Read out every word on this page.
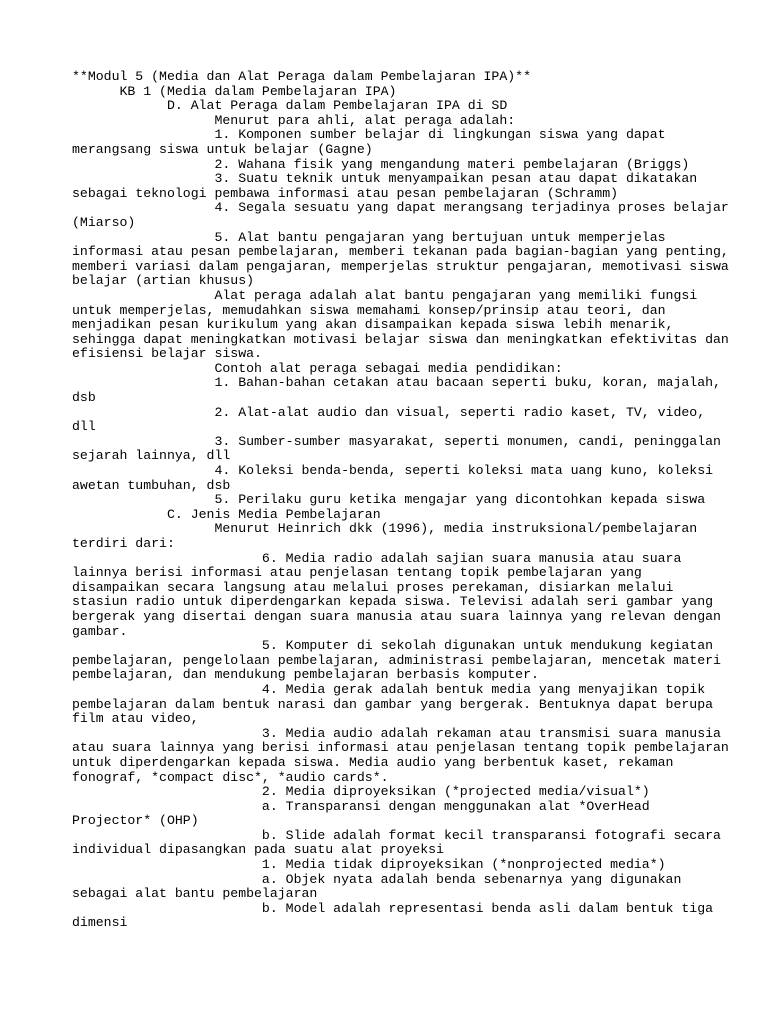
**Modul 5 (Media dan Alat Peraga dalam Pembelajaran IPA)**
KB 1 (Media dalam Pembelajaran IPA)
D. Alat Peraga dalam Pembelajaran IPA di SD
Menurut para ahli, alat peraga adalah:
1. Komponen sumber belajar di lingkungan siswa yang dapat
merangsang siswa untuk belajar (Gagne)
2. Wahana fisik yang mengandung materi pembelajaran (Briggs)
3. Suatu teknik untuk menyampaikan pesan atau dapat dikatakan
sebagai teknologi pembawa informasi atau pesan pembelajaran (Schramm)
4. Segala sesuatu yang dapat merangsang terjadinya proses belajar
(Miarso)
5. Alat bantu pengajaran yang bertujuan untuk memperjelas
informasi atau pesan pembelajaran, memberi tekanan pada bagian-bagian yang penting,
memberi variasi dalam pengajaran, memperjelas struktur pengajaran, memotivasi siswa
belajar (artian khusus)
Alat peraga adalah alat bantu pengajaran yang memiliki fungsi
untuk memperjelas, memudahkan siswa memahami konsep/prinsip atau teori, dan
menjadikan pesan kurikulum yang akan disampaikan kepada siswa lebih menarik,
sehingga dapat meningkatkan motivasi belajar siswa dan meningkatkan efektivitas dan
efisiensi belajar siswa.
Contoh alat peraga sebagai media pendidikan:
1. Bahan-bahan cetakan atau bacaan seperti buku, koran, majalah,
dsb
2. Alat-alat audio dan visual, seperti radio kaset, TV, video,
dll
3. Sumber-sumber masyarakat, seperti monumen, candi, peninggalan
sejarah lainnya, dll
4. Koleksi benda-benda, seperti koleksi mata uang kuno, koleksi
awetan tumbuhan, dsb
5. Perilaku guru ketika mengajar yang dicontohkan kepada siswa
C. Jenis Media Pembelajaran
Menurut Heinrich dkk (1996), media instruksional/pembelajaran
terdiri dari:
6. Media radio adalah sajian suara manusia atau suara
lainnya berisi informasi atau penjelasan tentang topik pembelajaran yang
disampaikan secara langsung atau melalui proses perekaman, disiarkan melalui
stasiun radio untuk diperdengarkan kepada siswa. Televisi adalah seri gambar yang
bergerak yang disertai dengan suara manusia atau suara lainnya yang relevan dengan
gambar.
5. Komputer di sekolah digunakan untuk mendukung kegiatan
pembelajaran, pengelolaan pembelajaran, administrasi pembelajaran, mencetak materi
pembelajaran, dan mendukung pembelajaran berbasis komputer.
4. Media gerak adalah bentuk media yang menyajikan topik
pembelajaran dalam bentuk narasi dan gambar yang bergerak. Bentuknya dapat berupa
film atau video,
3. Media audio adalah rekaman atau transmisi suara manusia
atau suara lainnya yang berisi informasi atau penjelasan tentang topik pembelajaran
untuk diperdengarkan kepada siswa. Media audio yang berbentuk kaset, rekaman
fonograf, *compact disc*, *audio cards*.
2. Media diproyeksikan (*projected media/visual*)
a. Transparansi dengan menggunakan alat *OverHead
Projector* (OHP)
b. Slide adalah format kecil transparansi fotografi secara
individual dipasangkan pada suatu alat proyeksi
1. Media tidak diproyeksikan (*nonprojected media*)
a. Objek nyata adalah benda sebenarnya yang digunakan
sebagai alat bantu pembelajaran
b. Model adalah representasi benda asli dalam bentuk tiga
dimensi
